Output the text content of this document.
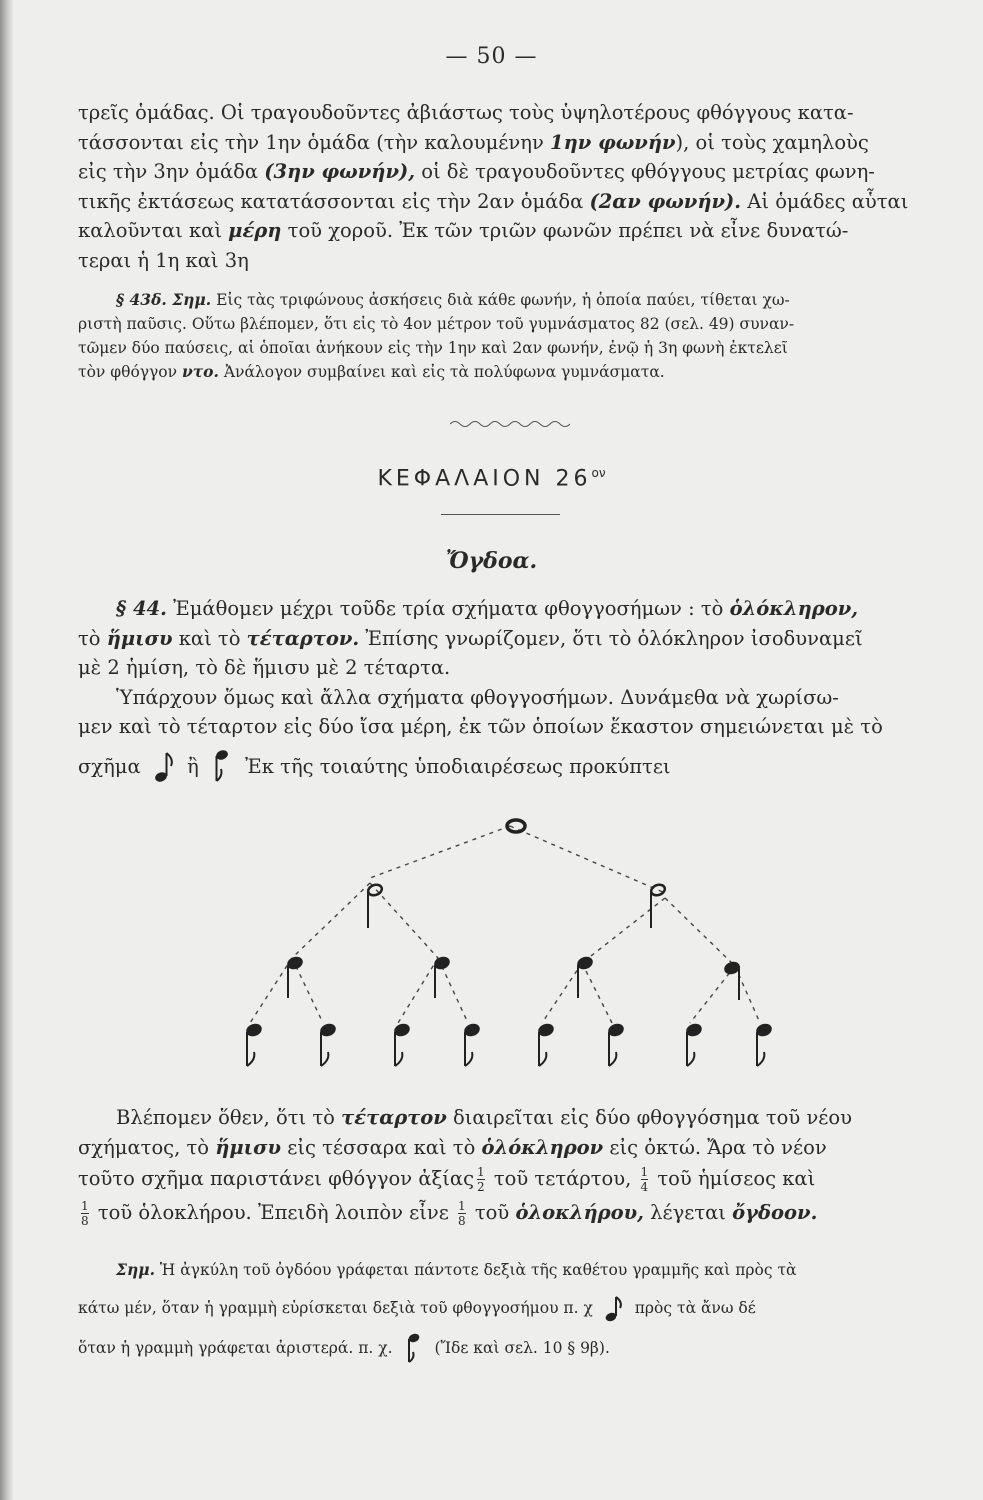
— 50 —
τρεῖς ὁμάδας. Οἱ τραγουδοῦντες ἀβιάστως τοὺς ὑψηλοτέρους φθόγγους κατα-
τάσσονται εἰς τὴν 1ην ὁμάδα (τὴν καλουμένην 1ην φωνήν), οἱ τοὺς χαμηλοὺς
εἰς τὴν 3ην ὁμάδα (3ην φωνήν), οἱ δὲ τραγουδοῦντες φθόγγους μετρίας φωνη-
τικῆς ἐκτάσεως κατατάσσονται εἰς τὴν 2αν ὁμάδα (2αν φωνήν). Αἱ ὁμάδες αὗται
καλοῦνται καὶ μέρη τοῦ χοροῦ. Ἐκ τῶν τριῶν φωνῶν πρέπει νὰ εἶνε δυνατώ-
τεραι ἡ 1η καὶ 3η
§ 43δ. Σημ. Εἰς τὰς τριφώνους ἀσκήσεις διὰ κάθε φωνήν, ἡ ὁποία παύει, τίθεται χω-
ριστὴ παῦσις. Οὕτω βλέπομεν, ὅτι εἰς τὸ 4ον μέτρον τοῦ γυμνάσματος 82 (σελ. 49) συναν-
τῶμεν δύο παύσεις, αἱ ὁποῖαι ἀνήκουν εἰς τὴν 1ην καὶ 2αν φωνήν, ἐνῷ ἡ 3η φωνὴ ἐκτελεῖ
τὸν φθόγγον ντο. Ἀνάλογον συμβαίνει καὶ εἰς τὰ πολύφωνα γυμνάσματα.
ΚΕΦΑΛΑΙΟΝ $26^{o\nu}$
Ὄγδοα.
§ 44. Ἐμάθομεν μέχρι τοῦδε τρία σχήματα φθογγοσήμων : τὸ ὁλόκληρον,
τὸ ἥμισυ καὶ τὸ τέταρτον. Ἐπίσης γνωρίζομεν, ὅτι τὸ ὁλόκληρον ἰσοδυναμεῖ
μὲ 2 ἡμίση, τὸ δὲ ἥμισυ μὲ 2 τέταρτα.
Ὑπάρχουν ὅμως καὶ ἄλλα σχήματα φθογγοσήμων. Δυνάμεθα νὰ χωρίσω-
μεν καὶ τὸ τέταρτον εἰς δύο ἴσα μέρη, ἐκ τῶν ὁποίων ἕκαστον σημειώνεται μὲ τὸ
σχῆμα ἢ Ἐκ τῆς τοιαύτης ὑποδιαιρέσεως προκύπτει
Βλέπομεν ὅθεν, ὅτι τὸ τέταρτον διαιρεῖται εἰς δύο φθογγόσημα τοῦ νέου
σχήματος, τὸ ἥμισυ εἰς τέσσαρα καὶ τὸ ὁλόκληρον εἰς ὀκτώ. Ἄρα τὸ νέον
τοῦτο σχῆμα παριστάνει φθόγγον ἀξίας $\frac{1}{2}$ τοῦ τετάρτου, $\frac{1}{4}$ τοῦ ἡμίσεος καὶ
$\frac{1}{8}$ τοῦ ὁλοκλήρου. Ἐπειδὴ λοιπὸν εἶνε $\frac{1}{8}$ τοῦ ὁλοκλήρου, λέγεται ὄγδοον.
Σημ. Ἡ ἀγκύλη τοῦ ὀγδόου γράφεται πάντοτε δεξιὰ τῆς καθέτου γραμμῆς καὶ πρὸς τὰ
κάτω μέν, ὅταν ἡ γραμμὴ εὑρίσκεται δεξιὰ τοῦ φθογγοσήμου π. χ	πρὸς τὰ ἄνω δέ
ὅταν ἡ γραμμὴ γράφεται ἀριστερά. π. χ.	(Ἴδε καὶ σελ. 10 § 9β).
